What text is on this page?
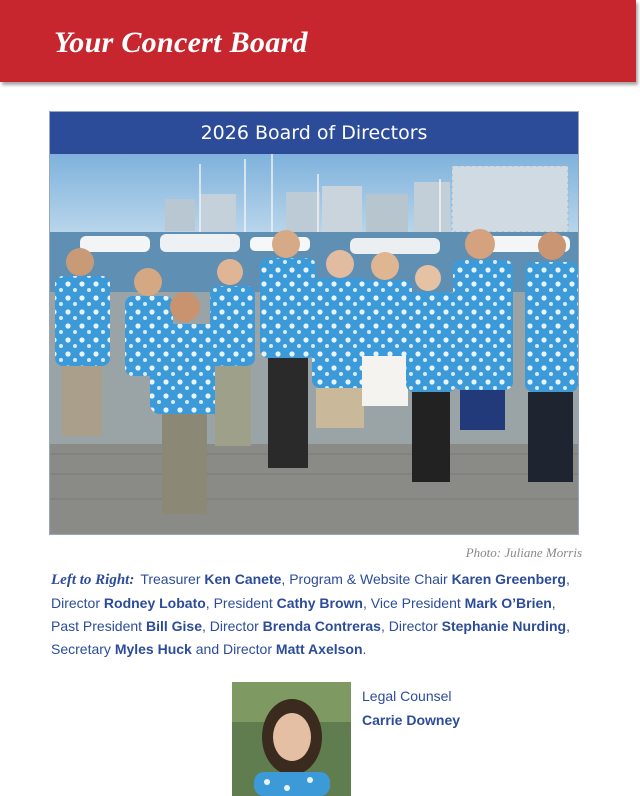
Your Concert Board
2026 Board of Directors
Photo: Juliane Morris
Left to Right: Treasurer Ken Canete, Program & Website Chair Karen Greenberg,
Director Rodney Lobato, President Cathy Brown, Vice President Mark O’Brien,
Past President Bill Gise, Director Brenda Contreras, Director Stephanie Nurding,
Secretary Myles Huck and Director Matt Axelson.
Legal Counsel
Carrie Downey
